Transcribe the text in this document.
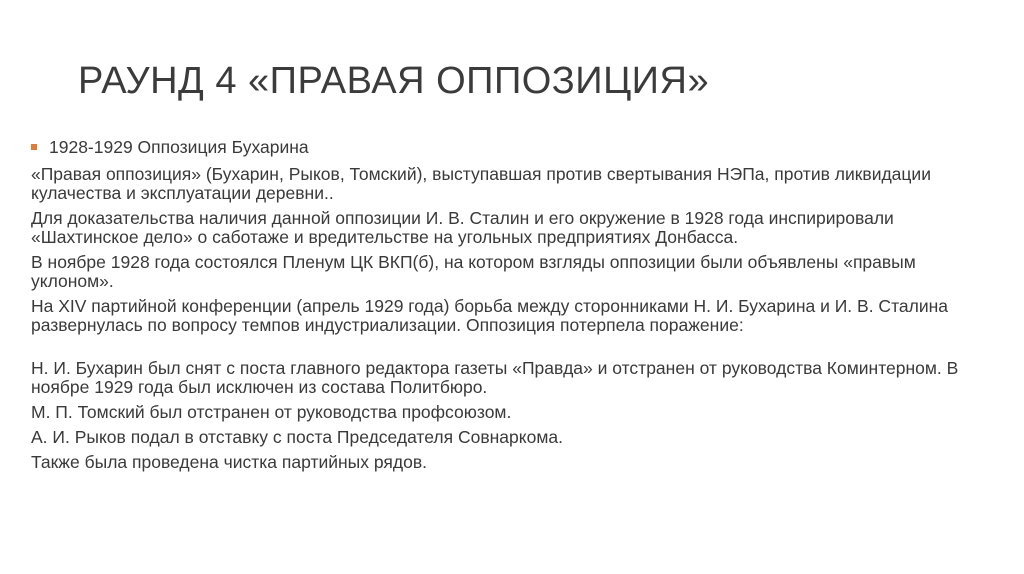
РАУНД 4 «ПРАВАЯ ОППОЗИЦИЯ»
1928-1929 Оппозиция Бухарина

«Правая оппозиция» (Бухарин, Рыков, Томский), выступавшая против свертывания НЭПа, против ликвидации кулачества и эксплуатации деревни..

Для доказательства наличия данной оппозиции И. В. Сталин и его окружение в 1928 года инспирировали «Шахтинское дело» о саботаже и вредительстве на угольных предприятиях Донбасса.

В ноябре 1928 года состоялся Пленум ЦК ВКП(б), на котором взгляды оппозиции были объявлены «правым уклоном».

На XIV партийной конференции (апрель 1929 года) борьба между сторонниками Н. И. Бухарина и И. В. Сталина развернулась по вопросу темпов индустриализации. Оппозиция потерпела поражение:

Н. И. Бухарин был снят с поста главного редактора газеты «Правда» и отстранен от руководства Коминтерном. В ноябре 1929 года был исключен из состава Политбюро.

М. П. Томский был отстранен от руководства профсоюзом.

А. И. Рыков подал в отставку с поста Председателя Совнаркома.

Также была проведена чистка партийных рядов.
